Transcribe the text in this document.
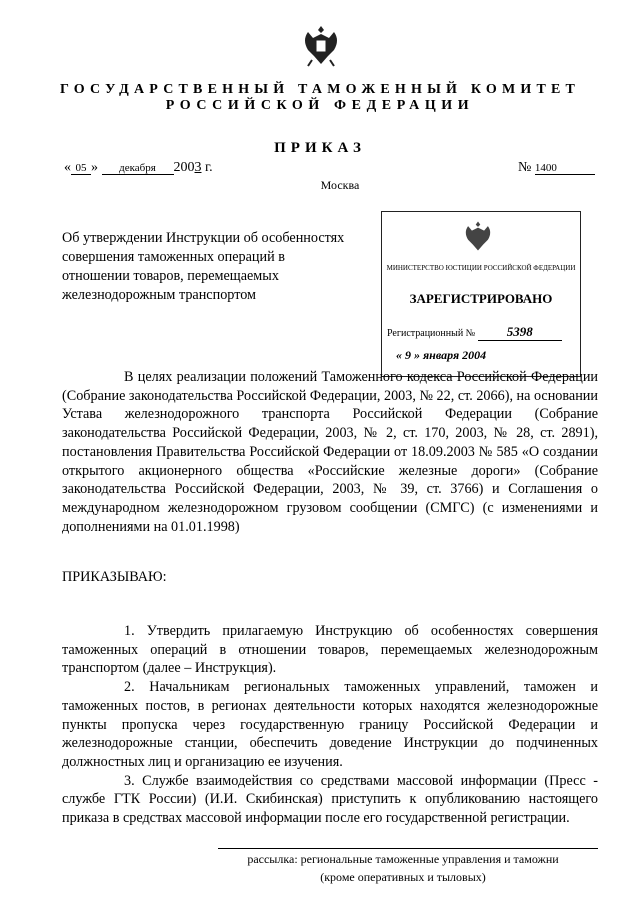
ГОСУДАРСТВЕННЫЙ ТАМОЖЕННЫЙ КОМИТЕТ
РОССИЙСКОЙ ФЕДЕРАЦИИ
ПРИКАЗ
« 05 » декабря 2003 г.	№ 1400
Москва
Об утверждении Инструкции об особенностях совершения таможенных операций в отношении товаров, перемещаемых железнодорожным транспортом
МИНИСТЕРСТВО ЮСТИЦИИ РОССИЙСКОЙ ФЕДЕРАЦИИ
ЗАРЕГИСТРИРОВАНО
Регистрационный № 5398
« 9 » января 2004
В целях реализации положений Таможенного кодекса Российской Федерации (Собрание законодательства Российской Федерации, 2003, № 22, ст. 2066), на основании Устава железнодорожного транспорта Российской Федерации (Собрание законодательства Российской Федерации, 2003, № 2, ст. 170, 2003, № 28, ст. 2891), постановления Правительства Российской Федерации от 18.09.2003 № 585 «О создании открытого акционерного общества «Российские железные дороги» (Собрание законодательства Российской Федерации, 2003, № 39, ст. 3766) и Соглашения о международном железнодорожном грузовом сообщении (СМГС) (с изменениями и дополнениями на 01.01.1998)
ПРИКАЗЫВАЮ:
1. Утвердить прилагаемую Инструкцию об особенностях совершения таможенных операций в отношении товаров, перемещаемых железнодорожным транспортом (далее – Инструкция).
2. Начальникам региональных таможенных управлений, таможен и таможенных постов, в регионах деятельности которых находятся железнодорожные пункты пропуска через государственную границу Российской Федерации и железнодорожные станции, обеспечить доведение Инструкции до подчиненных должностных лиц и организацию ее изучения.
3. Службе взаимодействия со средствами массовой информации (Пресс - службе ГТК России) (И.И. Скибинская) приступить к опубликованию настоящего приказа в средствах массовой информации после его государственной регистрации.
рассылка: региональные таможенные управления и таможни
(кроме оперативных и тыловых)
